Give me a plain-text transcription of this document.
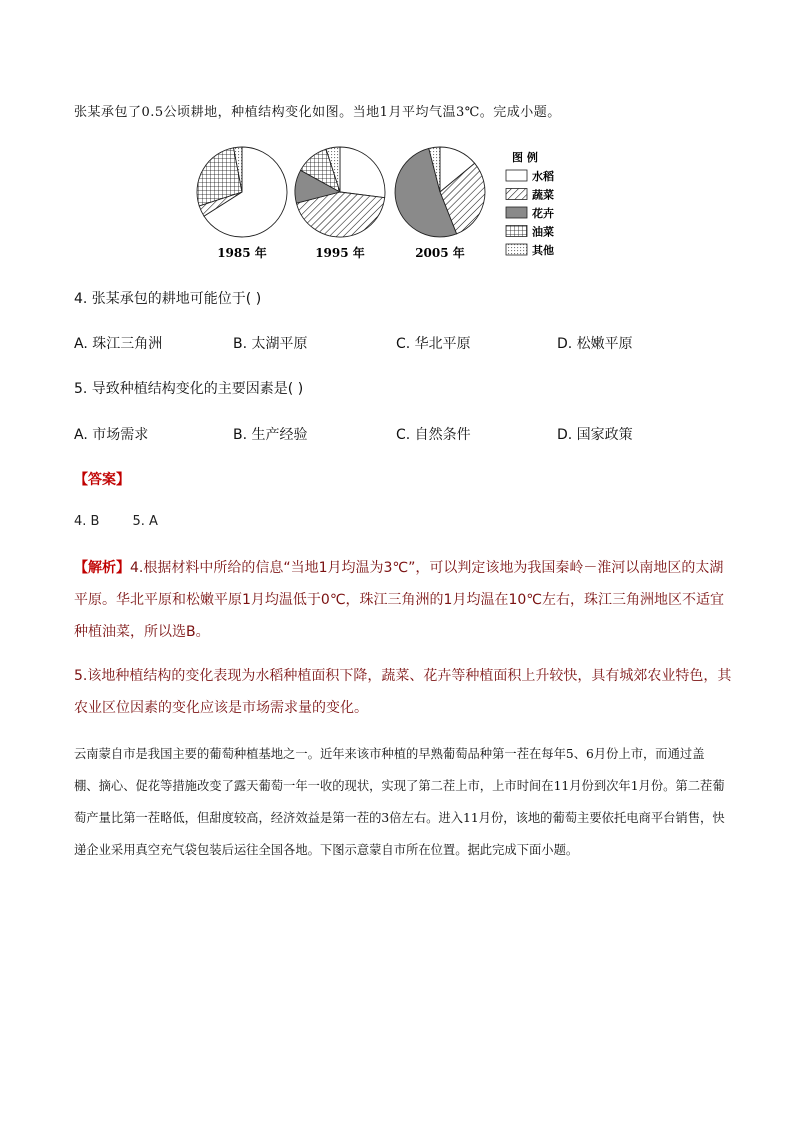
张某承包了0.5公顷耕地，种植结构变化如图。当地1月平均气温3℃。完成小题。
1985 年	1995 年	2005 年
图 例
水稻
蔬菜
花卉
油菜
其他
4. 张某承包的耕地可能位于( )
A. 珠江三角洲	B. 太湖平原	C. 华北平原	D. 松嫩平原
5. 导致种植结构变化的主要因素是( )
A. 市场需求	B. 生产经验	C. 自然条件	D. 国家政策
【答案】
4. B        5. A
【解析】4.根据材料中所给的信息“当地1月均温为3℃”，可以判定该地为我国秦岭－淮河以南地区的太湖平原。华北平原和松嫩平原1月均温低于0℃，珠江三角洲的1月均温在10℃左右，珠江三角洲地区不适宜种植油菜，所以选B。
5.该地种植结构的变化表现为水稻种植面积下降，蔬菜、花卉等种植面积上升较快，具有城郊农业特色，其农业区位因素的变化应该是市场需求量的变化。
云南蒙自市是我国主要的葡萄种植基地之一。近年来该市种植的早熟葡萄品种第一茬在每年5、6月份上市，而通过盖棚、摘心、促花等措施改变了露天葡萄一年一收的现状，实现了第二茬上市，上市时间在11月份到次年1月份。第二茬葡萄产量比第一茬略低，但甜度较高，经济效益是第一茬的3倍左右。进入11月份，该地的葡萄主要依托电商平台销售，快递企业采用真空充气袋包装后运往全国各地。下图示意蒙自市所在位置。据此完成下面小题。
